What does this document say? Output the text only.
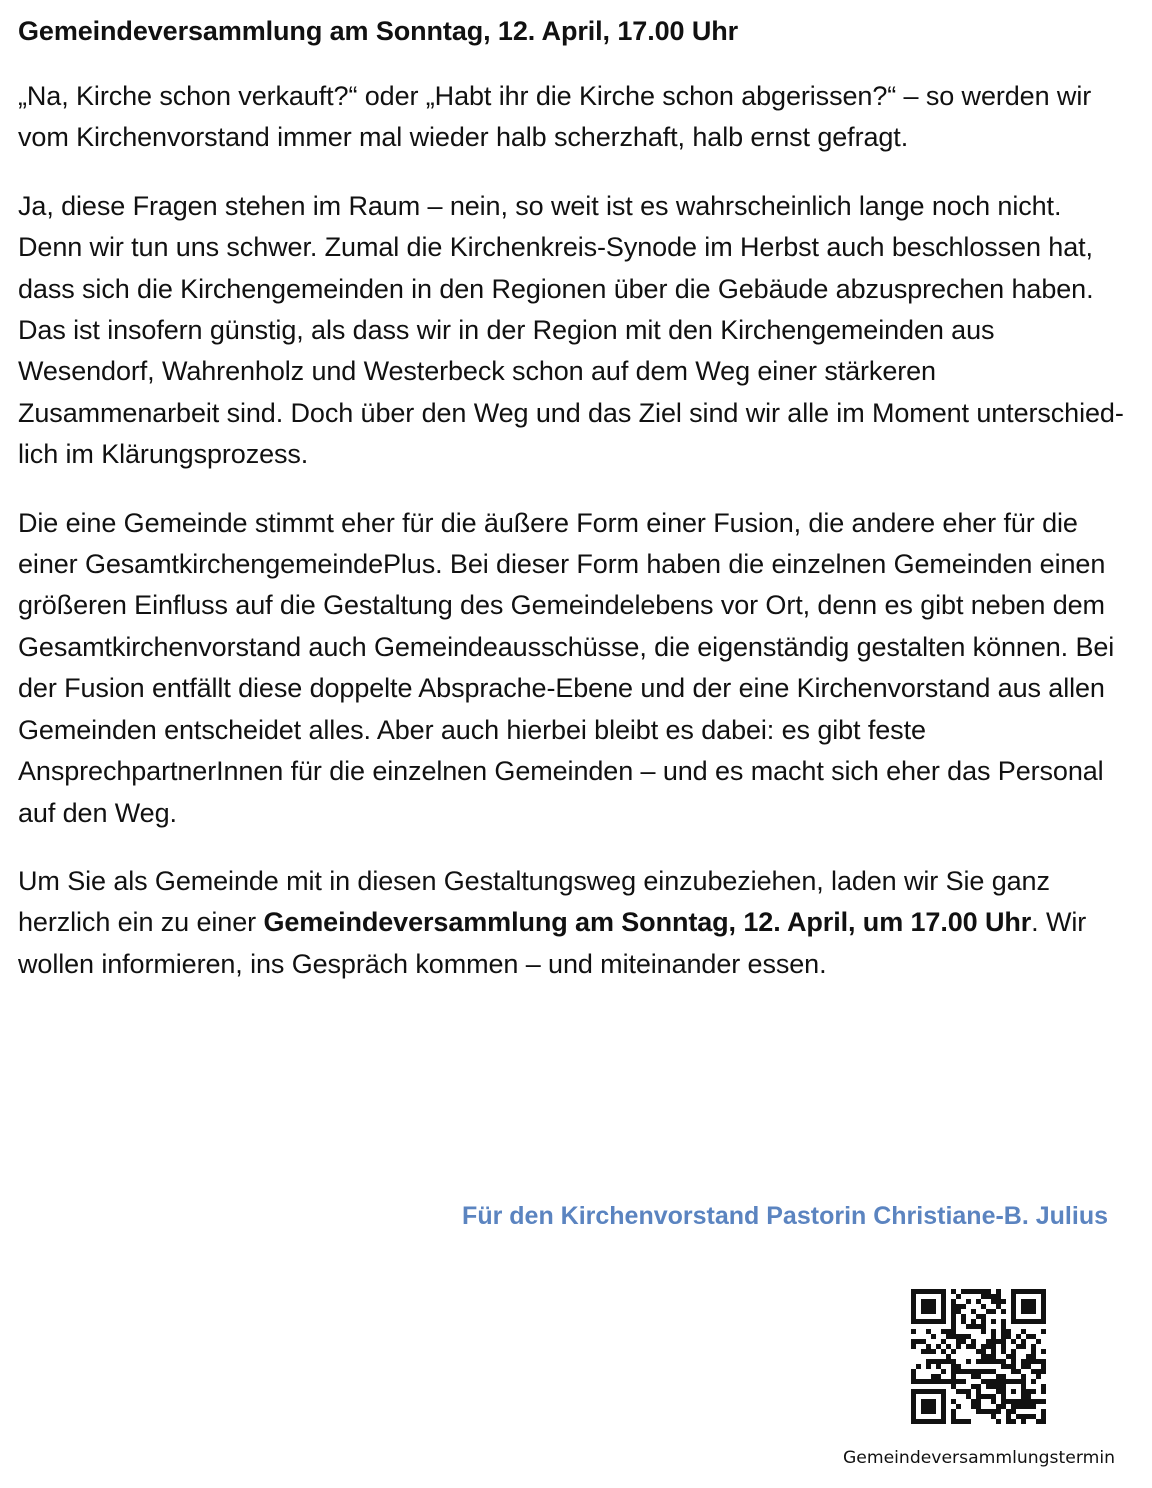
Gemeindeversammlung am Sonntag, 12. April, 17.00 Uhr

„Na, Kirche schon verkauft?“ oder „Habt ihr die Kirche schon abgerissen?“ – so werden wir vom Kirchenvorstand immer mal wieder halb scherzhaft, halb ernst gefragt.

Ja, diese Fragen stehen im Raum – nein, so weit ist es wahrscheinlich lange noch nicht. Denn wir tun uns schwer. Zumal die Kirchenkreis-Synode im Herbst auch beschlossen hat, dass sich die Kirchengemeinden in den Regionen über die Gebäude abzusprechen haben. Das ist insofern günstig, als dass wir in der Region mit den Kirchengemeinden aus Wesendorf, Wahrenholz und Westerbeck schon auf dem Weg einer stärkeren Zusammenarbeit sind. Doch über den Weg und das Ziel sind wir alle im Moment unterschiedlich im Klärungsprozess.

Die eine Gemeinde stimmt eher für die äußere Form einer Fusion, die andere eher für die einer GesamtkirchengemeindePlus. Bei dieser Form haben die einzelnen Gemeinden einen größeren Einfluss auf die Gestaltung des Gemeindelebens vor Ort, denn es gibt neben dem Gesamtkirchenvorstand auch Gemeindeausschüsse, die eigenständig gestalten können. Bei der Fusion entfällt diese doppelte Absprache-Ebene und der eine Kirchenvorstand aus allen Gemeinden entscheidet alles. Aber auch hierbei bleibt es dabei: es gibt feste AnsprechpartnerInnen für die einzelnen Gemeinden – und es macht sich eher das Personal auf den Weg.

Um Sie als Gemeinde mit in diesen Gestaltungsweg einzubeziehen, laden wir Sie ganz herzlich ein zu einer Gemeindeversammlung am Sonntag, 12. April, um 17.00 Uhr. Wir wollen informieren, ins Gespräch kommen – und miteinander essen.

Für den Kirchenvorstand Pastorin Christiane-B. Julius
Gemeindeversammlungstermin
